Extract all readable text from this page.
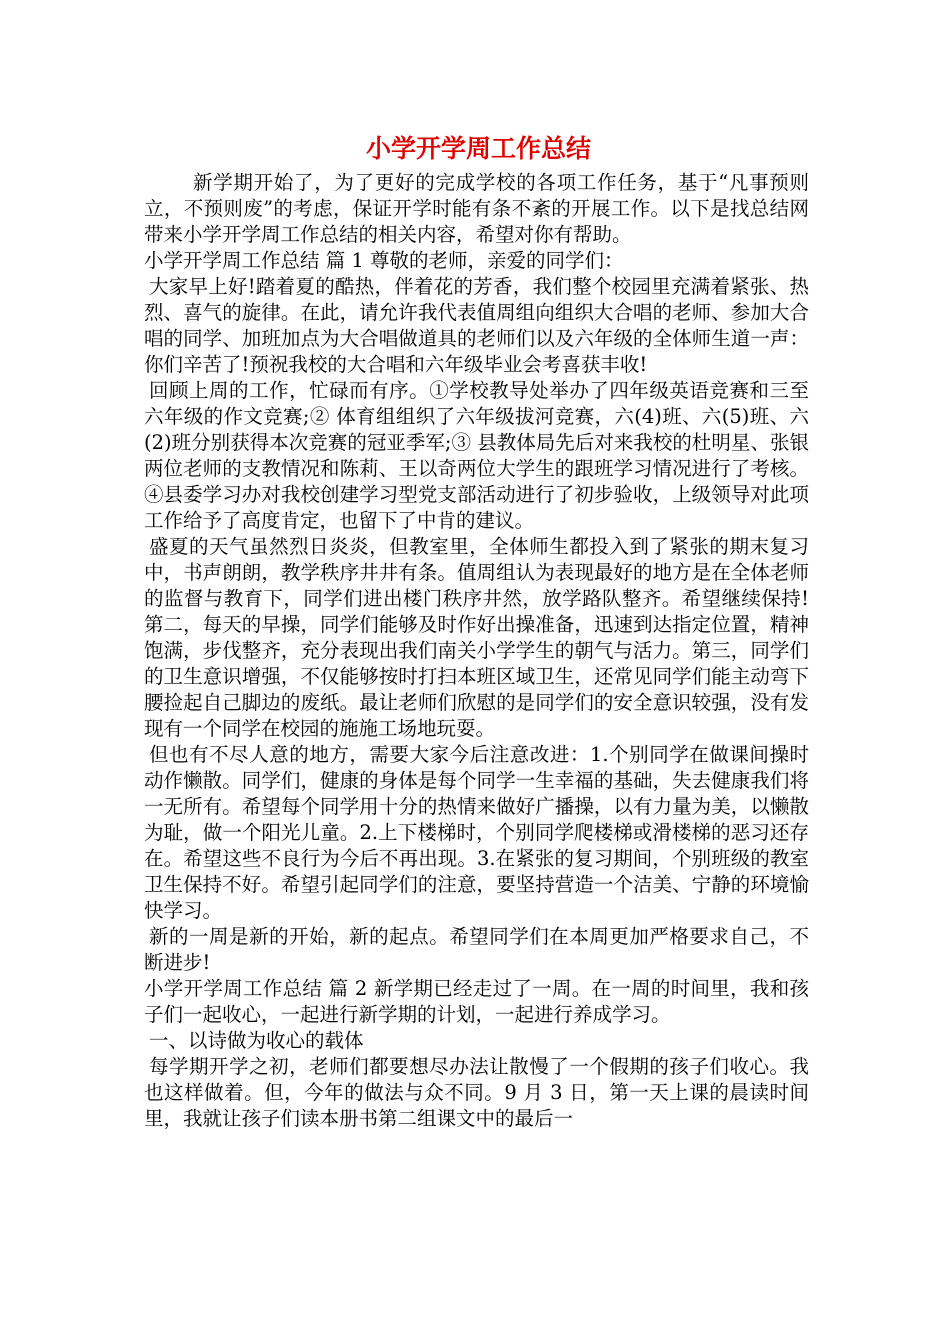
小学开学周工作总结

新学期开始了，为了更好的完成学校的各项工作任务，基于“凡事预则立，不预则废”的考虑，保证开学时能有条不紊的开展工作。以下是找总结网带来小学开学周工作总结的相关内容，希望对你有帮助。

小学开学周工作总结 篇 1 尊敬的老师，亲爱的同学们：

大家早上好!踏着夏的酷热，伴着花的芳香，我们整个校园里充满着紧张、热烈、喜气的旋律。在此，请允许我代表值周组向组织大合唱的老师、参加大合唱的同学、加班加点为大合唱做道具的老师们以及六年级的全体师生道一声：你们辛苦了!预祝我校的大合唱和六年级毕业会考喜获丰收!

回顾上周的工作，忙碌而有序。①学校教导处举办了四年级英语竞赛和三至六年级的作文竞赛;② 体育组组织了六年级拔河竞赛，六(4)班、六(5)班、六(2)班分别获得本次竞赛的冠亚季军;③ 县教体局先后对来我校的杜明星、张银两位老师的支教情况和陈莉、王以奇两位大学生的跟班学习情况进行了考核。④县委学习办对我校创建学习型党支部活动进行了初步验收，上级领导对此项工作给予了高度肯定，也留下了中肯的建议。

盛夏的天气虽然烈日炎炎，但教室里，全体师生都投入到了紧张的期末复习中，书声朗朗，教学秩序井井有条。值周组认为表现最好的地方是在全体老师的监督与教育下，同学们进出楼门秩序井然，放学路队整齐。希望继续保持!第二，每天的早操，同学们能够及时作好出操准备，迅速到达指定位置，精神饱满，步伐整齐，充分表现出我们南关小学学生的朝气与活力。第三，同学们的卫生意识增强，不仅能够按时打扫本班区域卫生，还常见同学们能主动弯下腰捡起自己脚边的废纸。最让老师们欣慰的是同学们的安全意识较强，没有发现有一个同学在校园的施施工场地玩耍。

但也有不尽人意的地方，需要大家今后注意改进：1.个别同学在做课间操时动作懒散。同学们，健康的身体是每个同学一生幸福的基础，失去健康我们将一无所有。希望每个同学用十分的热情来做好广播操，以有力量为美，以懒散为耻，做一个阳光儿童。2.上下楼梯时，个别同学爬楼梯或滑楼梯的恶习还存在。希望这些不良行为今后不再出现。3.在紧张的复习期间，个别班级的教室卫生保持不好。希望引起同学们的注意，要坚持营造一个洁美、宁静的环境愉快学习。

新的一周是新的开始，新的起点。希望同学们在本周更加严格要求自己，不断进步!

小学开学周工作总结 篇 2 新学期已经走过了一周。在一周的时间里，我和孩子们一起收心，一起进行新学期的计划，一起进行养成学习。

一、以诗做为收心的载体

每学期开学之初，老师们都要想尽办法让散慢了一个假期的孩子们收心。我也这样做着。但，今年的做法与众不同。9 月 3 日，第一天上课的晨读时间里，我就让孩子们读本册书第二组课文中的最后一
